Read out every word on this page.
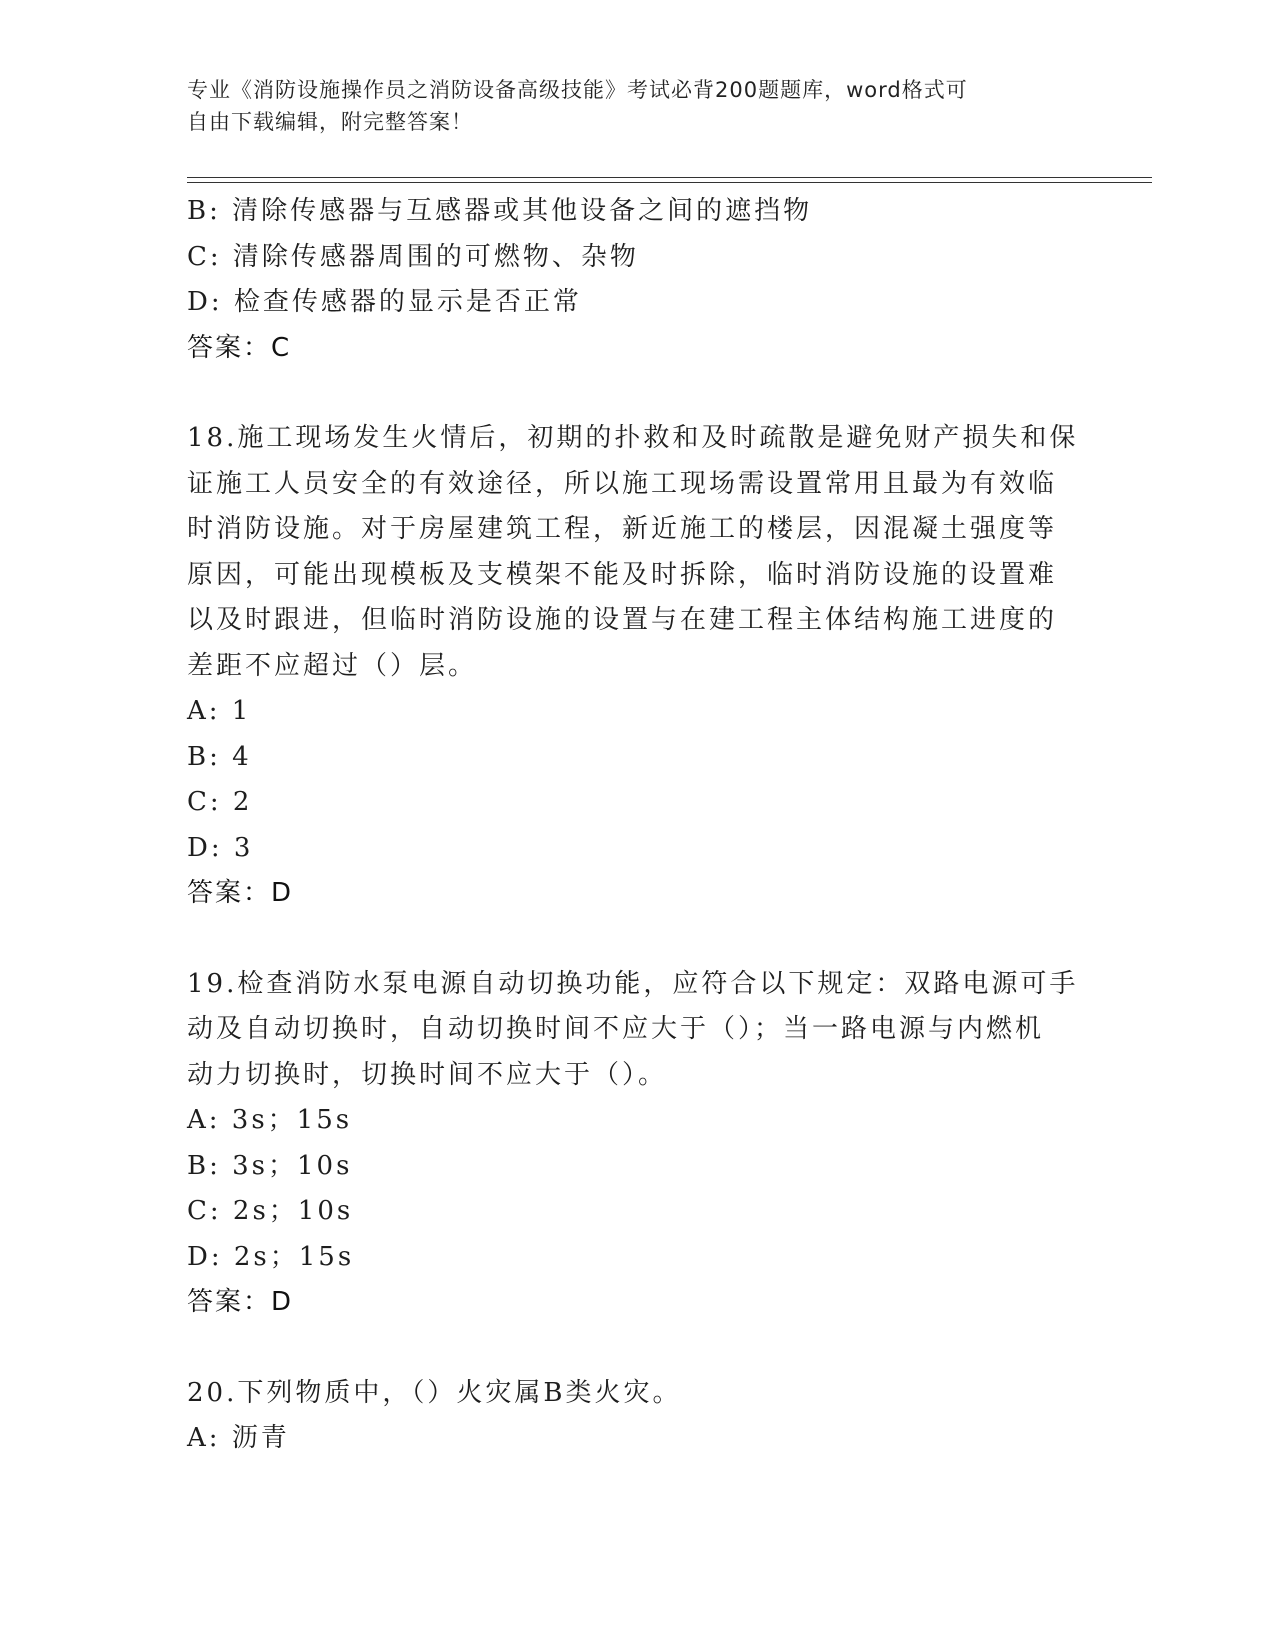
专业《消防设施操作员之消防设备高级技能》考试必背200题题库，word格式可
自由下载编辑，附完整答案！
B: 清除传感器与互感器或其他设备之间的遮挡物
C: 清除传感器周围的可燃物、杂物
D: 检查传感器的显示是否正常
答案：C
18.施工现场发生火情后，初期的扑救和及时疏散是避免财产损失和保
证施工人员安全的有效途径，所以施工现场需设置常用且最为有效临
时消防设施。对于房屋建筑工程，新近施工的楼层，因混凝土强度等
原因，可能出现模板及支模架不能及时拆除，临时消防设施的设置难
以及时跟进，但临时消防设施的设置与在建工程主体结构施工进度的
差距不应超过（）层。
A: 1
B: 4
C: 2
D: 3
答案：D
19.检查消防水泵电源自动切换功能，应符合以下规定：双路电源可手
动及自动切换时，自动切换时间不应大于（）；当一路电源与内燃机
动力切换时，切换时间不应大于（）。
A: 3s；15s
B: 3s；10s
C: 2s；10s
D: 2s；15s
答案：D
20.下列物质中，（）火灾属B类火灾。
A: 沥青
